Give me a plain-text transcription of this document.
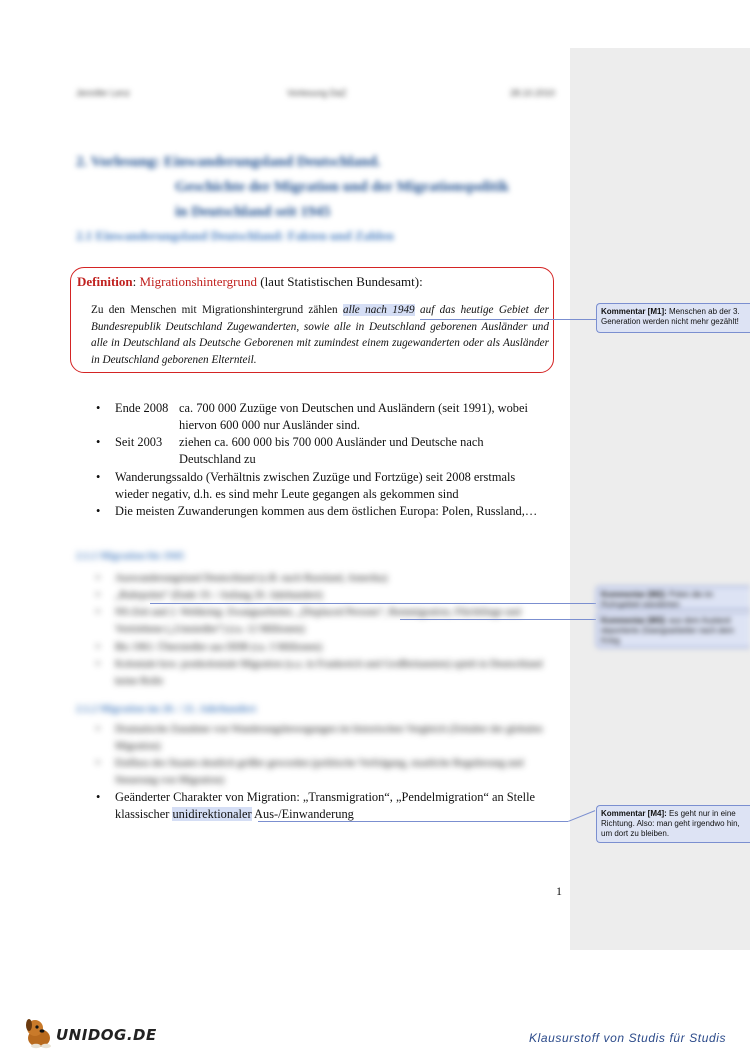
Jennifer Lenz	Vorlesung DaZ	28.10.2010
2. Vorlesung: Einwanderungsland Deutschland.
Geschichte der Migration und der Migrationspolitik
in Deutschland seit 1945
2.1 Einwanderungsland Deutschland: Fakten und Zahlen
Definition: Migrationshintergrund (laut Statistischen Bundesamt):
Zu den Menschen mit Migrationshintergrund zählen alle nach 1949 auf das heutige Gebiet der Bundesrepublik Deutschland Zugewanderten, sowie alle in Deutschland geborenen Ausländer und alle in Deutschland als Deutsche Geborenen mit zumindest einem zugewanderten oder als Ausländer in Deutschland geborenen Elternteil.
• Ende 2008 ca. 700 000 Zuzüge von Deutschen und Ausländern (seit 1991), wobei
hiervon 600 000 nur Ausländer sind.
• Seit 2003 ziehen ca. 600 000 bis 700 000 Ausländer und Deutsche nach
Deutschland zu
• Wanderungssaldo (Verhältnis zwischen Zuzüge und Fortzüge) seit 2008 erstmals
wieder negativ, d.h. es sind mehr Leute gegangen als gekommen sind
• Die meisten Zuwanderungen kommen aus dem östlichen Europa: Polen, Russland,…
2.1.1 Migration bis 1945
• Auswanderungsland Deutschland (z.B. nach Russland, Amerika)
• „Ruhrpolen“ (Ende 19. / Anfang 20. Jahrhundert)
• NS-Zeit und 2. Weltkrieg: Zwangsarbeiter, „Displaced Persons“, Remmigration, Flüchtlinge und Vertriebene („Umsiedler“) (ca. 12 Millionen)
• Bis 1961: Übersiedler aus DDR (ca. 3 Millionen)
• Koloniale bzw. postkoloniale Migration (u.a. in Frankreich und Großbritannien) spielt in Deutschland keine Rolle
2.1.2 Migration im 20. / 21. Jahrhundert
• Dramatische Zunahme von Wanderungsbewegungen im historischen Vergleich (Zeitalter der globalen Migration)
• Einfluss des Staates deutlich größer geworden (politische Verfolgung, staatliche Regulierung und Steuerung von Migration)
• Geänderter Charakter von Migration: „Transmigration“, „Pendelmigration“ an Stelle
klassischer unidirektionaler Aus-/Einwanderung
1
Kommentar [M1]: Menschen ab der 3. Generation werden nicht mehr gezählt!
Kommentar [M2]: Polen die im Ruhrgebiet wanderten
Kommentar [M3]: aus dem Ausland deportierte Zwangsarbeiter nach dem Krieg
Kommentar [M4]: Es geht nur in eine Richtung. Also: man geht irgendwo hin, um dort zu bleiben.
UNIDOG.DE	Klausurstoff von Studis für Studis
